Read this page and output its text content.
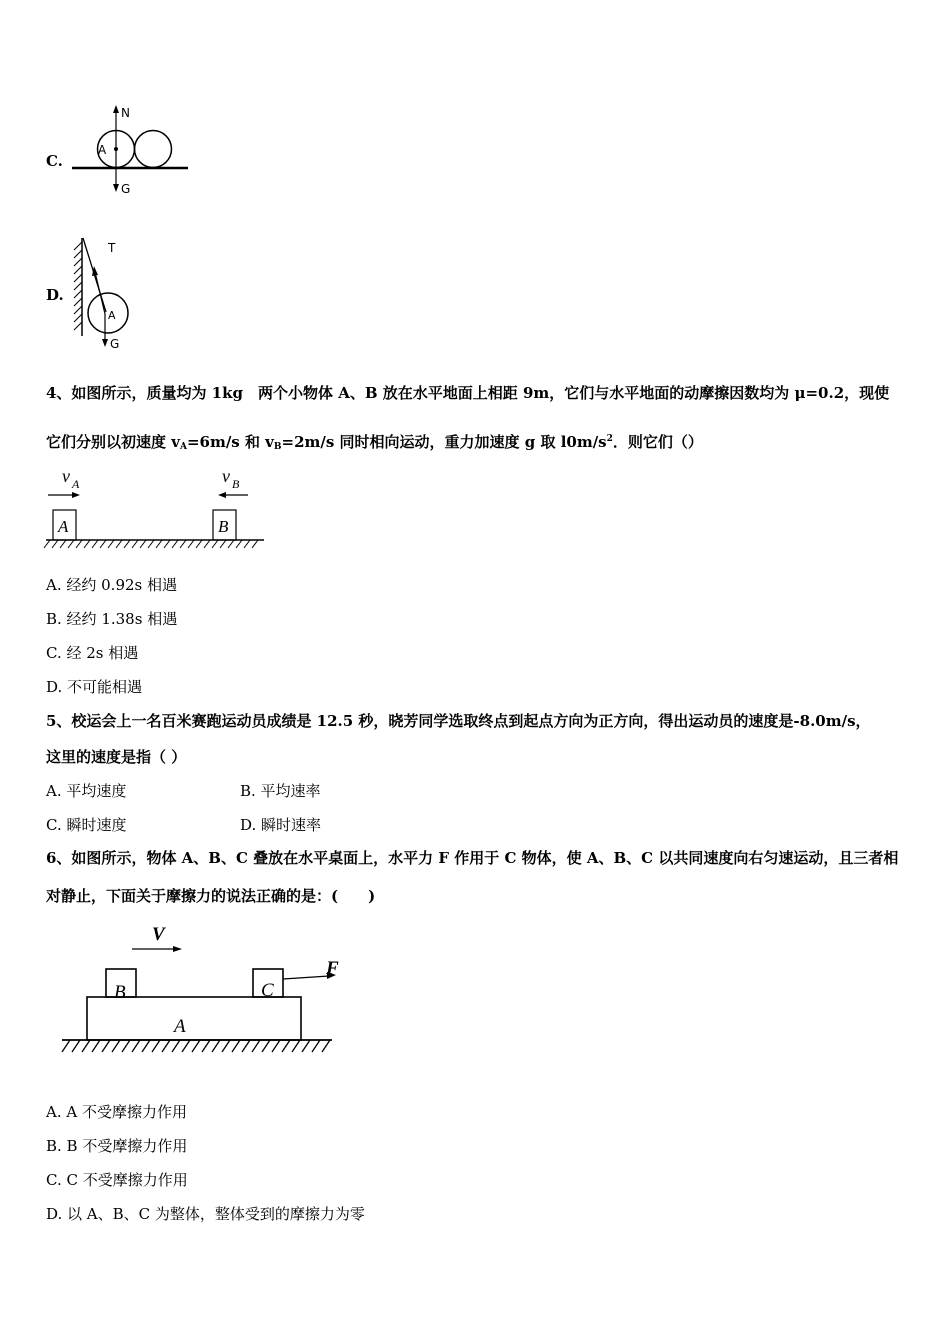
C.
N
G
A
D.
T
G
A
4、如图所示，质量均为 1kg　两个小物体 A、B 放在水平地面上相距 9m，它们与水平地面的动摩擦因数均为 μ=0.2，现使
它们分别以初速度 $v_A=6m/s$ 和 $v_B=2m/s$ 同时相向运动，重力加速度 g 取 $l0m/s^2$．则它们（）
A	B
v A	v B
A. 经约 0.92s 相遇
B. 经约 1.38s 相遇
C. 经 2s 相遇
D. 不可能相遇
5、校运会上一名百米赛跑运动员成绩是 12.5 秒，晓芳同学选取终点到起点方向为正方向，得出运动员的速度是-8.0m/s，
这里的速度是指（ ）
A. 平均速度	B. 平均速率
C. 瞬时速度	D. 瞬时速率
6、如图所示，物体 A、B、C 叠放在水平桌面上，水平力 F 作用于 C 物体，使 A、B、C 以共同速度向右匀速运动，且三者相
对静止，下面关于摩擦力的说法正确的是：(　　)
A
B	C
V
F
A. A 不受摩擦力作用
B. B 不受摩擦力作用
C. C 不受摩擦力作用
D. 以 A、B、C 为整体，整体受到的摩擦力为零
